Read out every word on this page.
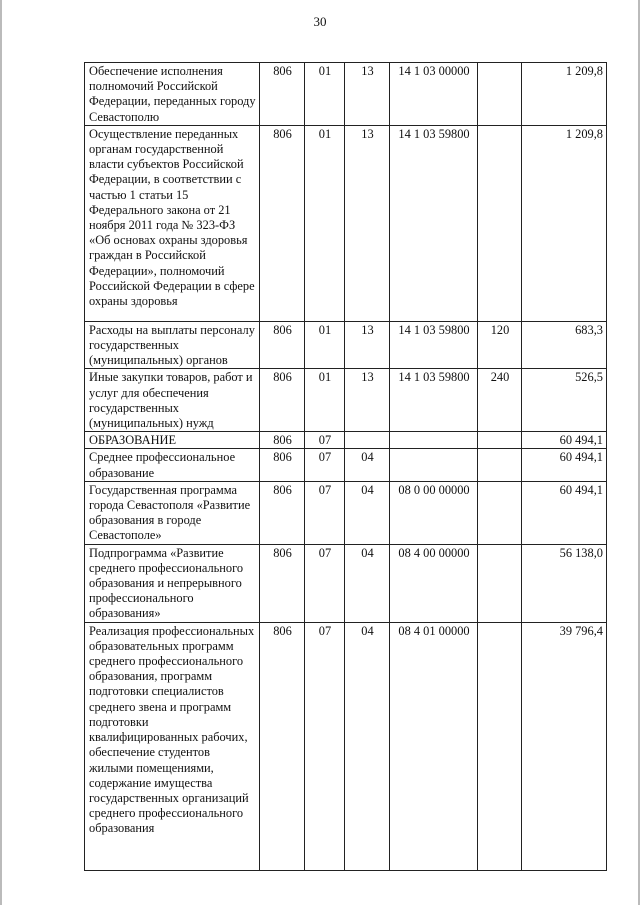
30
Обеспечение исполнения полномочий Российской Федерации, переданных городу Севастополю	806	01	13	14 1 03 00000		1 209,8
Осуществление переданных органам государственной власти субъектов Российской Федерации, в соответствии с частью 1 статьи 15 Федерального закона от 21 ноября 2011 года № 323-ФЗ «Об основах охраны здоровья граждан в Российской Федерации», полномочий Российской Федерации в сфере охраны здоровья	806	01	13	14 1 03 59800		1 209,8
Расходы на выплаты персоналу государственных (муниципальных) органов	806	01	13	14 1 03 59800	120	683,3
Иные закупки товаров, работ и услуг для обеспечения государственных (муниципальных) нужд	806	01	13	14 1 03 59800	240	526,5
ОБРАЗОВАНИЕ	806	07				60 494,1
Среднее профессиональное образование	806	07	04			60 494,1
Государственная программа города Севастополя «Развитие образования в городе Севастополе»	806	07	04	08 0 00 00000		60 494,1
Подпрограмма «Развитие среднего профессионального образования и непрерывного профессионального образования»	806	07	04	08 4 00 00000		56 138,0
Реализация профессиональных образовательных программ среднего профессионального образования, программ подготовки специалистов среднего звена и программ подготовки квалифицированных рабочих, обеспечение студентов жилыми помещениями, содержание имущества государственных организаций среднего профессионального образования	806	07	04	08 4 01 00000		39 796,4
